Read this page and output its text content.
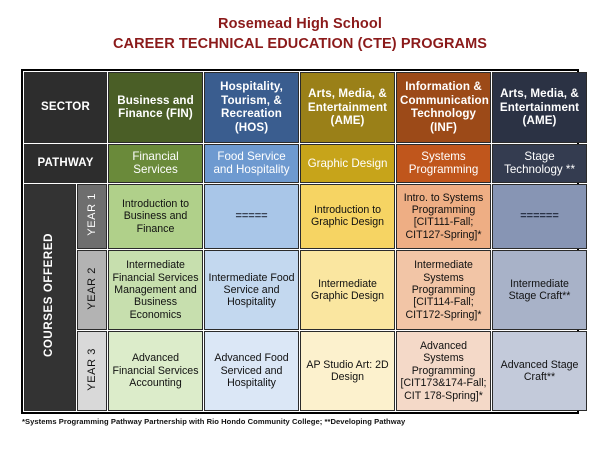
Rosemead High School
CAREER TECHNICAL EDUCATION (CTE) PROGRAMS
SECTOR		Business and Finance (FIN)	Hospitality, Tourism, & Recreation (HOS)	Arts, Media, & Entertainment (AME)	Information & Communication Technology (INF)	Arts, Media, & Entertainment (AME)
PATHWAY		Financial Services	Food Service and Hospitality	Graphic Design	Systems Programming	Stage Technology **
COURSES OFFERED	YEAR 1	Introduction to Business and Finance	=====	Introduction to Graphic Design	Intro. to Systems Programming [CIT111-Fall; CIT127-Spring]*	======
	YEAR 2	Intermediate Financial Services Management and Business Economics	Intermediate Food Service and Hospitality	Intermediate Graphic Design	Intermediate Systems Programming [CIT114-Fall; CIT172-Spring]*	Intermediate Stage Craft**
	YEAR 3	Advanced Financial Services Accounting	Advanced Food Serviced and Hospitality	AP Studio Art: 2D Design	Advanced Systems Programming [CIT173&174-Fall; CIT 178-Spring]*	Advanced Stage Craft**
*Systems Programming Pathway Partnership with Rio Hondo Community College; **Developing Pathway
